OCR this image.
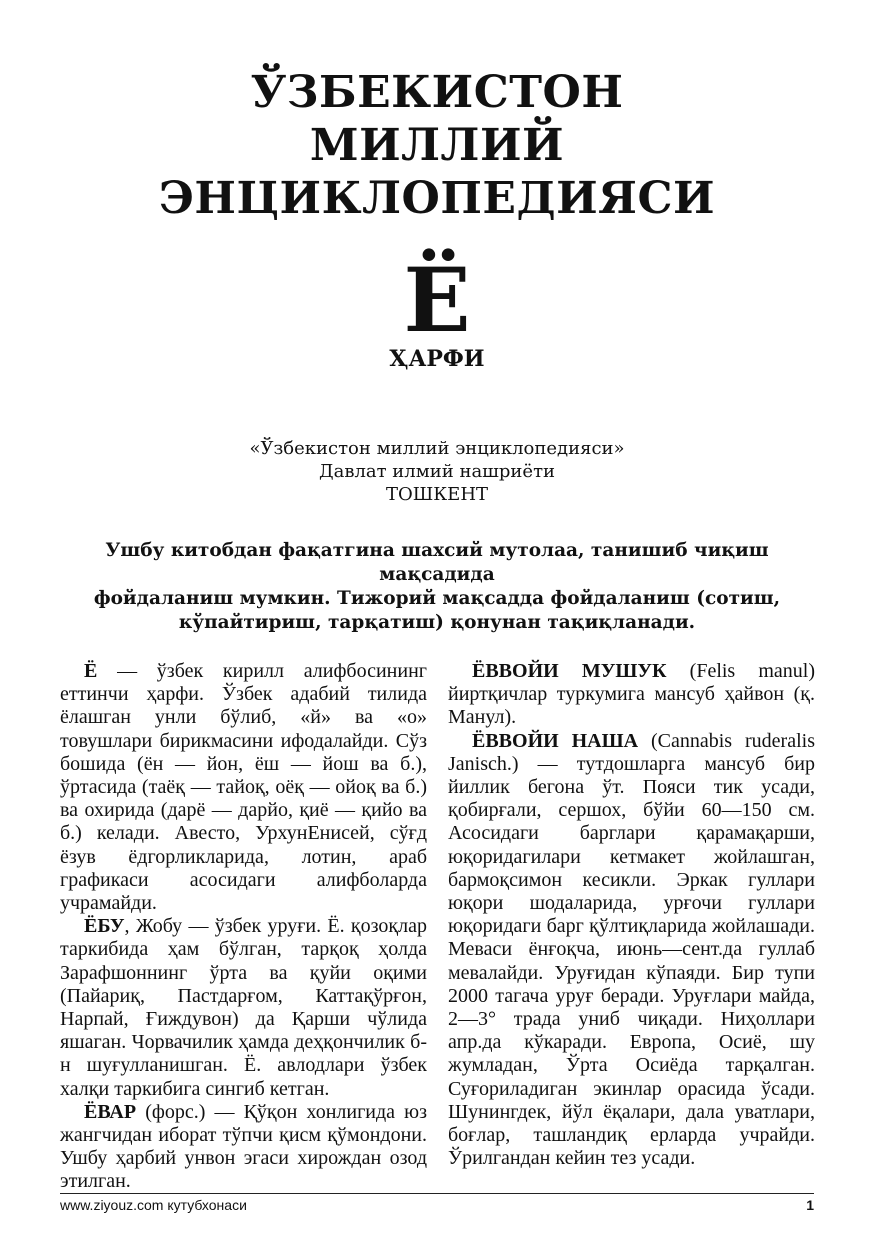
ЎЗБЕКИСТОН
МИЛЛИЙ
ЭНЦИКЛОПЕДИЯСИ
Ё
ҲАРФИ
«Ўзбекистон миллий энциклопедияси»
Давлат илмий нашриёти
ТОШКЕНТ
Ушбу китобдан фақатгина шахсий мутолаа, танишиб чиқиш мақсадида
фойдаланиш мумкин. Тижорий мақсадда фойдаланиш (сотиш,
кўпайтириш, тарқатиш) қонунан тақиқланади.

Ё — ўзбек кирилл алифбосининг еттинчи ҳарфи. Ўзбек адабий тилида ёлашган унли бўлиб, «й» ва «о» товушлари бирикмасини ифодалайди. Сўз бошида (ён — йон, ёш — йош ва б.), ўртасида (таёқ — тайоқ, оёқ — ойоқ ва б.) ва охирида (дарё — дарйо, қиё — қийо ва б.) келади. Авесто, УрхунЕнисей, сўғд ёзув ёдгорликларида, лотин, араб графикаси асосидаги алифболарда учрамайди.

ЁБУ, Жобу — ўзбек уруғи. Ё. қозоқлар таркибида ҳам бўлган, тарқоқ ҳолда Зарафшоннинг ўрта ва қуйи оқими (Пайариқ, Пастдарғом, Каттақўрғон, Нарпай, Ғиждувон) да Қарши чўлида яшаган. Чорвачилик ҳамда деҳқончилик б-н шуғулланишган. Ё. авлодлари ўзбек халқи таркибига сингиб кетган.

ЁВАР (форс.) — Қўқон хонлигида юз жангчидан иборат тўпчи қисм қўмондони. Ушбу ҳарбий унвон эгаси хирождан озод этилган.

ЁВВОЙИ МУШУК (Felis manul) йиртқичлар туркумига мансуб ҳайвон (қ. Манул).

ЁВВОЙИ НАША (Cannabis ruderalis Janisch.) — тутдошларга мансуб бир йиллик бегона ўт. Пояси тик усади, қобирғали, сершох, бўйи 60—150 см. Асосидаги барглари қарамақарши, юқоридагилари кетмакет жойлашган, бармоқсимон кесикли. Эркак гуллари юқори шодаларида, урғочи гуллари юқоридаги барг қўлтиқларида жойлашади. Меваси ёнғоқча, июнь—сент.да гуллаб мевалайди. Уруғидан кўпаяди. Бир тупи 2000 тагача уруғ беради. Уруғлари майда, 2—3° трада униб чиқади. Ниҳоллари апр.да кўкаради. Европа, Осиё, шу жумладан, Ўрта Осиёда тарқалган. Суғориладиган экинлар орасида ўсади. Шунингдек, йўл ёқалари, дала уватлари, боғлар, ташландиқ ерларда учрайди. Ўрилгандан кейин тез усади.

www.ziyouz.com кутубхонаси	1
